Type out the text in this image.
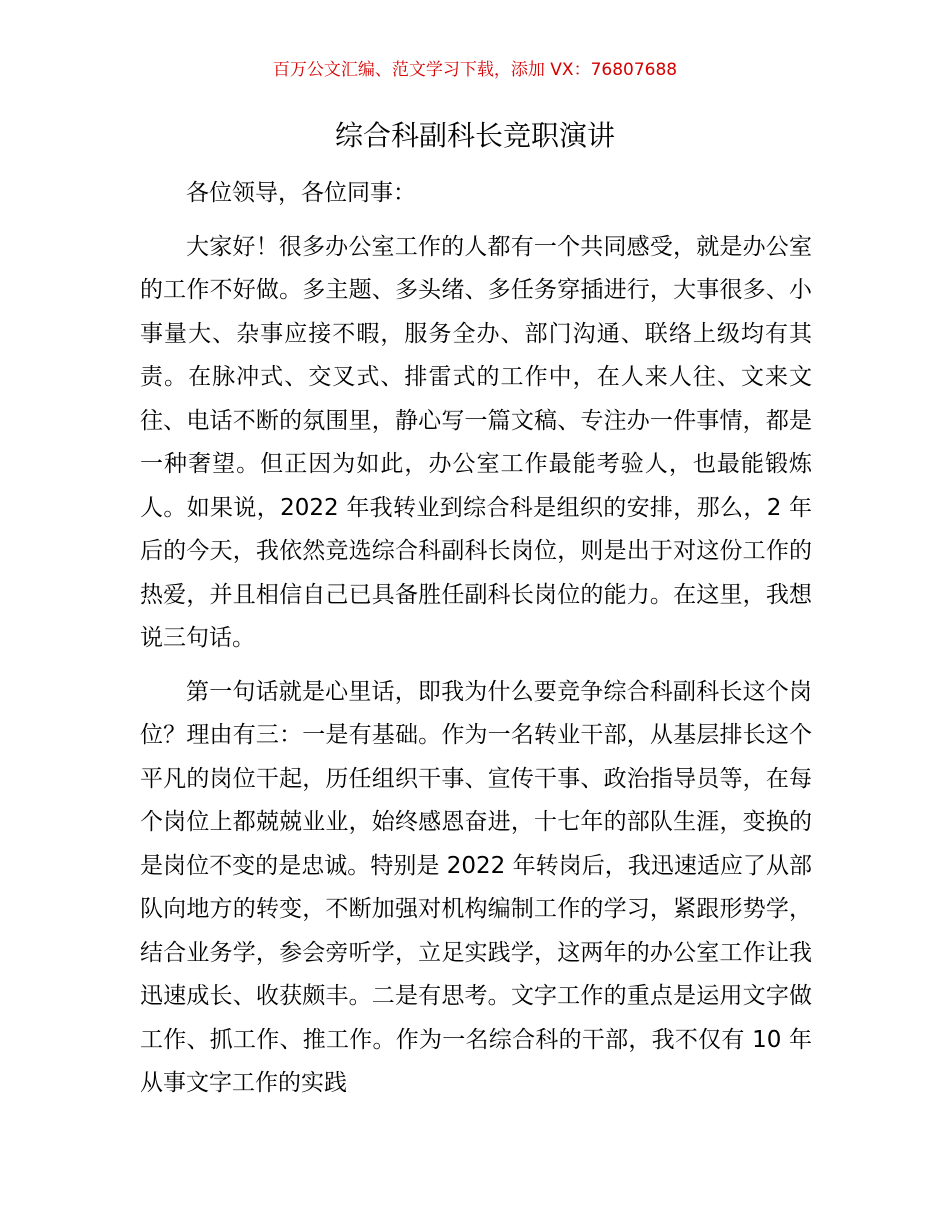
百万公文汇编、范文学习下载，添加 VX：76807688
综合科副科长竞职演讲

各位领导，各位同事：

大家好！很多办公室工作的人都有一个共同感受，就是办公室的工作不好做。多主题、多头绪、多任务穿插进行，大事很多、小事量大、杂事应接不暇，服务全办、部门沟通、联络上级均有其责。在脉冲式、交叉式、排雷式的工作中，在人来人往、文来文往、电话不断的氛围里，静心写一篇文稿、专注办一件事情，都是一种奢望。但正因为如此，办公室工作最能考验人，也最能锻炼人。如果说，2022 年我转业到综合科是组织的安排，那么，2 年后的今天，我依然竞选综合科副科长岗位，则是出于对这份工作的热爱，并且相信自己已具备胜任副科长岗位的能力。在这里，我想说三句话。

第一句话就是心里话，即我为什么要竞争综合科副科长这个岗位？理由有三：一是有基础。作为一名转业干部，从基层排长这个平凡的岗位干起，历任组织干事、宣传干事、政治指导员等，在每个岗位上都兢兢业业，始终感恩奋进，十七年的部队生涯，变换的是岗位不变的是忠诚。特别是 2022 年转岗后，我迅速适应了从部队向地方的转变，不断加强对机构编制工作的学习，紧跟形势学，结合业务学，参会旁听学，立足实践学，这两年的办公室工作让我迅速成长、收获颇丰。二是有思考。文字工作的重点是运用文字做工作、抓工作、推工作。作为一名综合科的干部，我不仅有 10 年从事文字工作的实践
